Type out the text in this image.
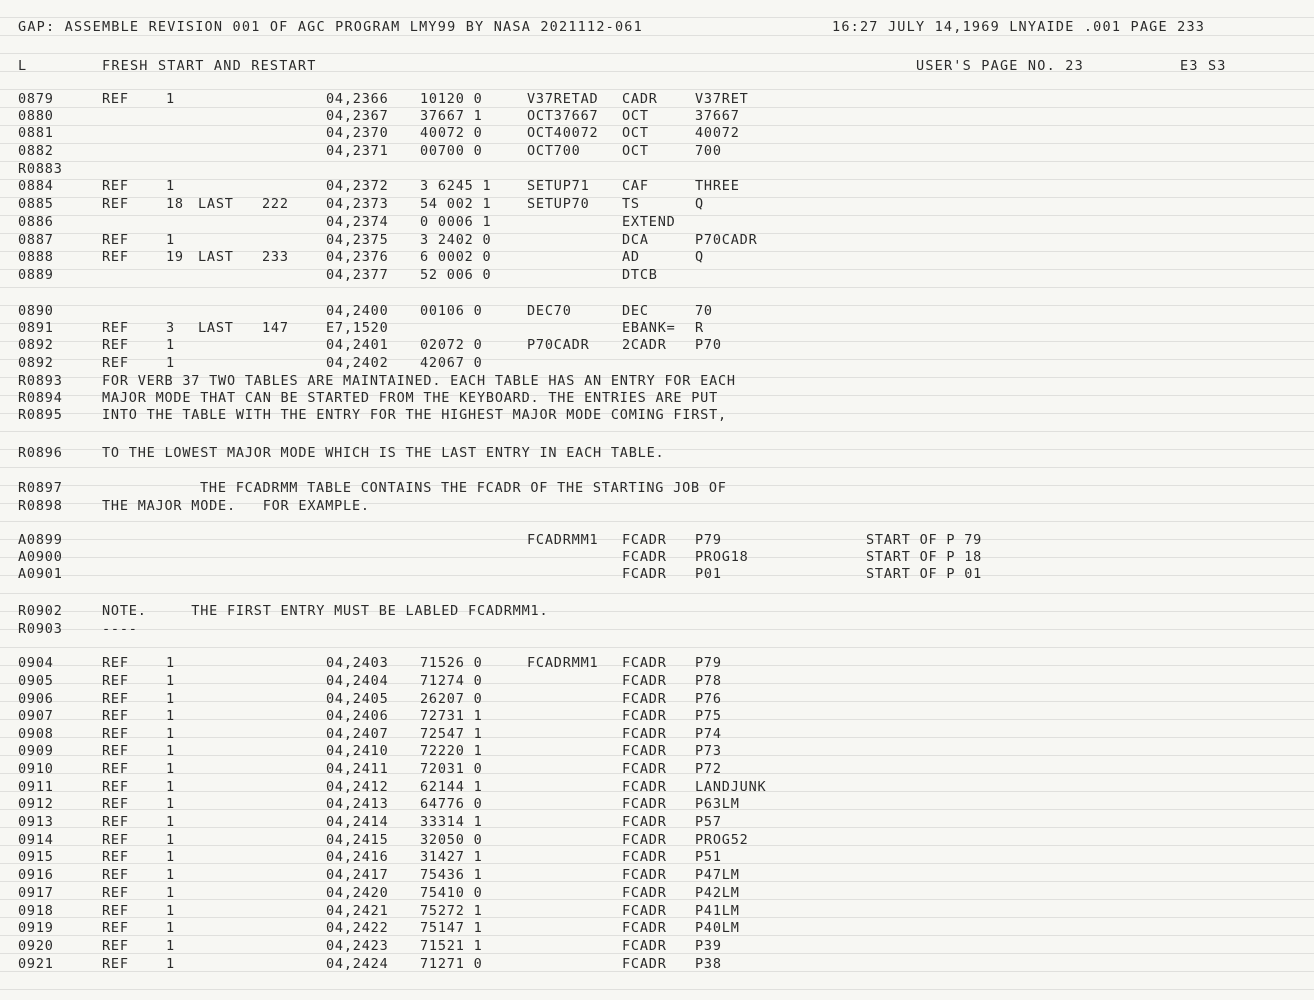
GAP: ASSEMBLE REVISION 001 OF AGC PROGRAM LMY99 BY NASA 2021112-061

	16:27 JULY 14,1969 LNYAIDE .001 PAGE 233

L

	FRESH START AND RESTART

	USER'S PAGE NO. 23

	E3 S3

0879	REF	1	04,2366 10120 0	V37RETAD CADR	V37RET
0880	04,2367 37667 1	OCT37667 OCT	37667
0881	04,2370 40072 0	OCT40072 OCT	40072
0882	04,2371 00700 0	OCT700	OCT	700
R0883
0884	REF	1	04,2372 3 6245 1	SETUP71 CAF	THREE
0885	REF	18 LAST 222	04,2373 54 002 1	SETUP70 TS	Q
0886	04,2374 0 0006 1	EXTEND
0887	REF	1	04,2375 3 2402 0	DCA	P70CADR
0888	REF	19 LAST 233	04,2376 6 0002 0	AD	Q
0889	04,2377 52 006 0	DTCB
0890	04,2400 00106 0	DEC70	DEC	70
0891	REF	3 LAST 147	E7,1520	EBANK= R
0892	REF	1	04,2401 02072 0	P70CADR 2CADR P70
0892	REF	1	04,2402 42067 0
0904	REF	1	04,2403 71526 0	FCADRMM1 FCADR P79
0905	REF	1	04,2404 71274 0	FCADR P78
0906	REF	1	04,2405 26207 0	FCADR P76
0907	REF	1	04,2406 72731 1	FCADR P75
0908	REF	1	04,2407 72547 1	FCADR P74
0909	REF	1	04,2410 72220 1	FCADR P73
0910	REF	1	04,2411 72031 0	FCADR P72
0911	REF	1	04,2412 62144 1	FCADR LANDJUNK
0912	REF	1	04,2413 64776 0	FCADR P63LM
0913	REF	1	04,2414 33314 1	FCADR P57
0914	REF	1	04,2415 32050 0	FCADR PROG52
0915	REF	1	04,2416 31427 1	FCADR P51
0916	REF	1	04,2417 75436 1	FCADR P47LM
0917	REF	1	04,2420 75410 0	FCADR P42LM
0918	REF	1	04,2421 75272 1	FCADR P41LM
0919	REF	1	04,2422 75147 1	FCADR P40LM
0920	REF	1	04,2423 71521 1	FCADR P39
0921	REF	1	04,2424 71271 0	FCADR P38
R0893	FOR VERB 37 TWO TABLES ARE MAINTAINED. EACH TABLE HAS AN ENTRY FOR EACH
R0894	MAJOR MODE THAT CAN BE STARTED FROM THE KEYBOARD. THE ENTRIES ARE PUT
R0895	INTO THE TABLE WITH THE ENTRY FOR THE HIGHEST MAJOR MODE COMING FIRST,
R0896	TO THE LOWEST MAJOR MODE WHICH IS THE LAST ENTRY IN EACH TABLE.
R0897	THE FCADRMM TABLE CONTAINS THE FCADR OF THE STARTING JOB OF
R0898	THE MAJOR MODE.   FOR EXAMPLE.
R0902	NOTE.     THE FIRST ENTRY MUST BE LABLED FCADRMM1.
R0903	----
A0899	FCADRMM1 FCADR P79	START OF P 79
A0900	FCADR PROG18	START OF P 18
A0901	FCADR P01	START OF P 01
